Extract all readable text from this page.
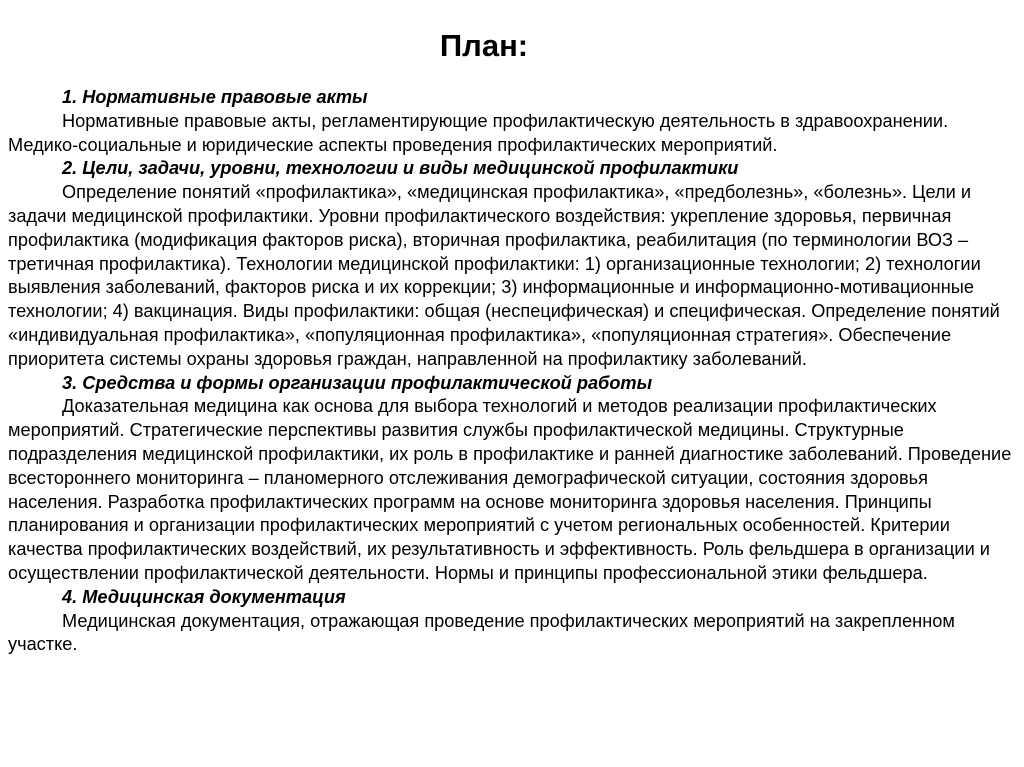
План:

1. Нормативные правовые акты

Нормативные правовые акты, регламентирующие профилактическую деятельность в здравоохранении. Медико-социальные и юридические аспекты проведения профилактических мероприятий.

2. Цели, задачи, уровни, технологии и виды медицинской профилактики

Определение понятий «профилактика», «медицинская профилактика», «предболезнь», «болезнь». Цели и задачи медицинской профилактики. Уровни профилактического воздействия: укрепление здоровья, первичная профилактика (модификация факторов риска), вторичная профилактика, реабилитация (по терминологии ВОЗ – третичная профилактика). Технологии медицинской профилактики: 1) организационные технологии; 2) технологии выявления заболеваний, факторов риска и их коррекции; 3) информационные и информационно-мотивационные технологии; 4) вакцинация. Виды профилактики: общая (неспецифическая) и специфическая. Определение понятий «индивидуальная профилактика», «популяционная профилактика», «популяционная стратегия». Обеспечение приоритета системы охраны здоровья граждан, направленной на профилактику заболеваний.

3. Средства и формы организации профилактической работы

Доказательная медицина как основа для выбора технологий и методов реализации профилактических мероприятий. Стратегические перспективы развития службы профилактической медицины. Структурные подразделения медицинской профилактики, их роль в профилактике и ранней диагностике заболеваний. Проведение всестороннего мониторинга – планомерного отслеживания демографической ситуации, состояния здоровья населения. Разработка профилактических программ на основе мониторинга здоровья населения. Принципы планирования и организации профилактических мероприятий с учетом региональных особенностей. Критерии качества профилактических воздействий, их результативность и эффективность. Роль фельдшера в организации и осуществлении профилактической деятельности. Нормы и принципы профессиональной этики фельдшера.

4. Медицинская документация

Медицинская документация, отражающая проведение профилактических мероприятий на закрепленном участке.
